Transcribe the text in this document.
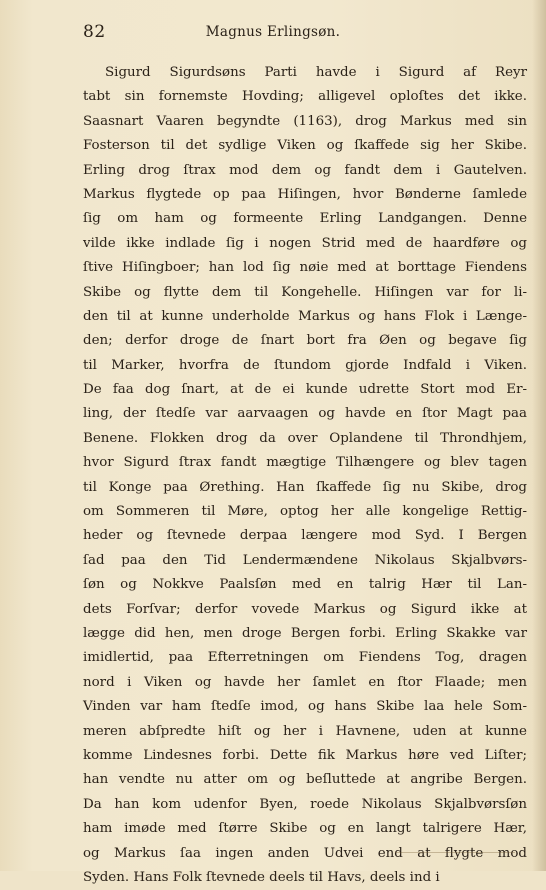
82	Magnus Erlingsøn.
Sigurd Sigurdsøns Parti havde i Sigurd af Reyr
tabt sin fornemste Hovding; alligevel oploſtes det ikke.
Saasnart Vaaren begyndte (1163), drog Markus med sin
Fosterson til det sydlige Viken og ſkaffede sig her Skibe.
Erling drog ſtrax mod dem og fandt dem i Gautelven.
Markus flygtede op paa Hiſingen, hvor Bønderne ſamlede
ſig om ham og formeente Erling Landgangen. Denne
vilde ikke indlade ſig i nogen Strid med de haardføre og
ſtive Hiſingboer; han lod ſig nøie med at borttage Fiendens
Skibe og flytte dem til Kongehelle. Hiſingen var for li-
den til at kunne underholde Markus og hans Flok i Længe-
den; derfor droge de ſnart bort fra Øen og begave ſig
til Marker, hvorfra de ſtundom gjorde Indfald i Viken.
De faa dog ſnart, at de ei kunde udrette Stort mod Er-
ling, der ſtedſe var aarvaagen og havde en ſtor Magt paa
Benene. Flokken drog da over Oplandene til Throndhjem,
hvor Sigurd ſtrax fandt mægtige Tilhængere og blev tagen
til Konge paa Ørething. Han ſkaffede ſig nu Skibe, drog
om Sommeren til Møre, optog her alle kongelige Rettig-
heder og ſtevnede derpaa længere mod Syd. I Bergen
ſad paa den Tid Lendermændene Nikolaus Skjalbvørs-
ſøn og Nokkve Paalsſøn med en talrig Hær til Lan-
dets Forſvar; derfor vovede Markus og Sigurd ikke at
lægge did hen, men droge Bergen forbi. Erling Skakke var
imidlertid, paa Efterretningen om Fiendens Tog, dragen
nord i Viken og havde her ſamlet en ſtor Flaade; men
Vinden var ham ſtedſe imod, og hans Skibe laa hele Som-
meren abſpredte hiſt og her i Havnene, uden at kunne
komme Lindesnes forbi. Dette fik Markus høre ved Liſter;
han vendte nu atter om og beſluttede at angribe Bergen.
Da han kom udenfor Byen, roede Nikolaus Skjalbvørsſøn
ham imøde med ſtørre Skibe og en langt talrigere Hær,
og Markus ſaa ingen anden Udvei end at flygte mod
Syden. Hans Folk ſtevnede deels til Havs, deels ind i
